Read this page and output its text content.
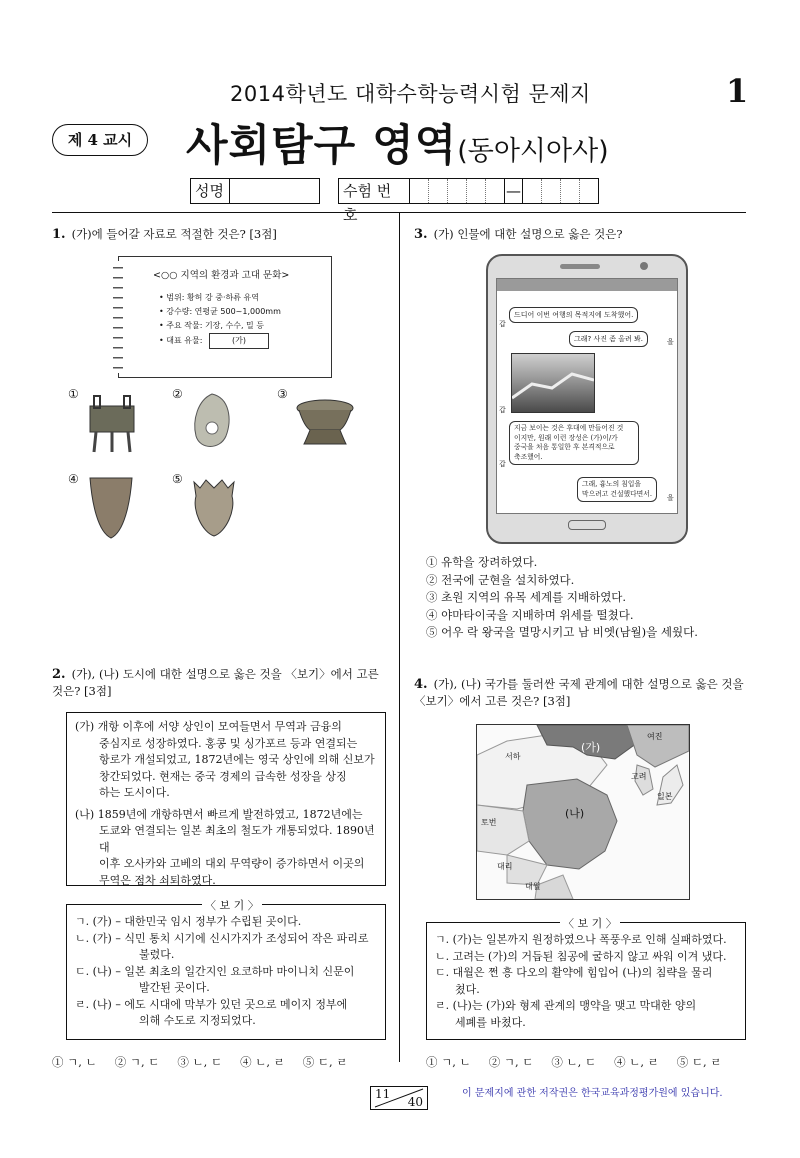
2014학년도 대학수학능력시험 문제지	1
제 4 교시	사회탐구 영역(동아시아사)
성명	수험 번호
—
1. (가)에 들어갈 자료로 적절한 것은? [3점]
<○○ 지역의 환경과 고대 문화>
• 범위: 황허 강 중·하류 유역
• 강수량: 연평균 500~1,000mm
• 주요 작물: 기장, 수수, 밀 등
• 대표 유물:	(가)
①	②	③
④	⑤
2. (가), (나) 도시에 대한 설명으로 옳은 것을 〈보기〉에서 고른
것은? [3점]
(가) 개항 이후에 서양 상인이 모여들면서 무역과 금융의
중심지로 성장하였다. 홍콩 및 싱가포르 등과 연결되는
항로가 개설되었고, 1872년에는 영국 상인에 의해 신보가
창간되었다. 현재는 중국 경제의 급속한 성장을 상징
하는 도시이다.
(나) 1859년에 개항하면서 빠르게 발전하였고, 1872년에는
도쿄와 연결되는 일본 최초의 철도가 개통되었다. 1890년대
이후 오사카와 고베의 대외 무역량이 증가하면서 이곳의
무역은 점차 쇠퇴하였다.
ㄱ. (가) – 대한민국 임시 정부가 수립된 곳이다.
ㄴ. (가) – 식민 통치 시기에 신시가지가 조성되어 작은 파리로
불렸다.
ㄷ. (나) – 일본 최초의 일간지인 요코하마 마이니치 신문이
발간된 곳이다.
ㄹ. (나) – 에도 시대에 막부가 있던 곳으로 메이지 정부에
의해 수도로 지정되었다.
〈 보 기 〉
① ㄱ, ㄴ ② ㄱ, ㄷ ③ ㄴ, ㄷ ④ ㄴ, ㄹ ⑤ ㄷ, ㄹ
3. (가) 인물에 대한 설명으로 옳은 것은?
갑
드디어 이번 여행의 목적지에 도착했어.
그래? 사진 좀 올려 봐.	을
갑
지금 보이는 것은 후대에 만들어진 것
이지만, 원래 이런 장성은 (가)이/가
중국을 처음 통일한 후 본격적으로
축조했어.
갑
그래, 흉노의 침입을
막으려고 건설했다면서.
을
① 유학을 장려하였다.
② 전국에 군현을 설치하였다.
③ 초원 지역의 유목 세계를 지배하였다.
④ 야마타이국을 지배하며 위세를 떨쳤다.
⑤ 어우 락 왕국을 멸망시키고 남 비엣(남월)을 세웠다.
4. (가), (나) 국가를 둘러싼 국제 관계에 대한 설명으로 옳은 것을
〈보기〉에서 고른 것은? [3점]
서하
(가)
여진
고려
일본
(나)
토번
대리
대월
ㄱ. (가)는 일본까지 원정하였으나 폭풍우로 인해 실패하였다.
ㄴ. 고려는 (가)의 거듭된 침공에 굴하지 않고 싸워 이겨 냈다.
ㄷ. 대월은 쩐 흥 다오의 활약에 힘입어 (나)의 침략을 물리
쳤다.
ㄹ. (나)는 (가)와 형제 관계의 맹약을 맺고 막대한 양의
세폐를 바쳤다.
〈 보 기 〉
① ㄱ, ㄴ ② ㄱ, ㄷ ③ ㄴ, ㄷ ④ ㄴ, ㄹ ⑤ ㄷ, ㄹ
11
40
이 문제지에 관한 저작권은 한국교육과정평가원에 있습니다.
